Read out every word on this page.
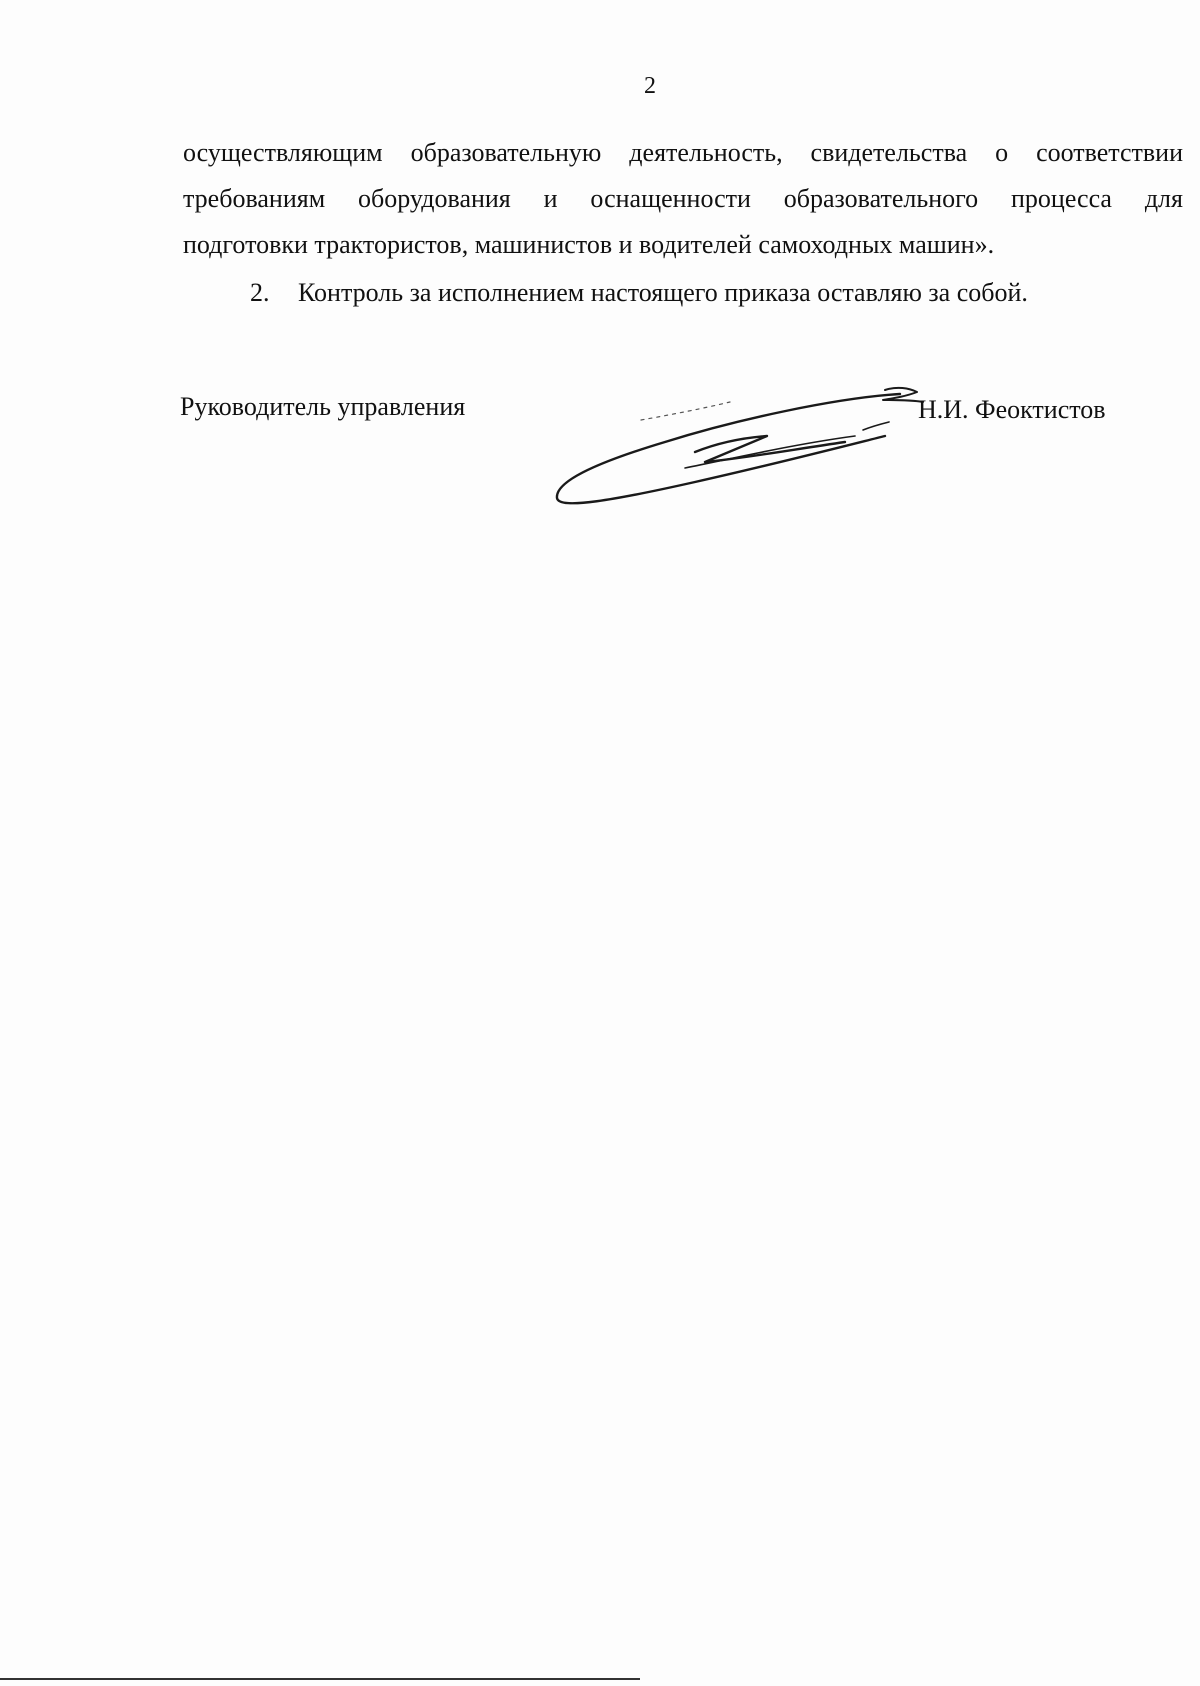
2

осуществляющим образовательную деятельность, свидетельства о соответствии
требованиям оборудования и оснащенности образовательного процесса для
подготовки трактористов, машинистов и водителей самоходных машин».

2. Контроль за исполнением настоящего приказа оставляю за собой.
Руководитель управления	Н.И. Феоктистов
